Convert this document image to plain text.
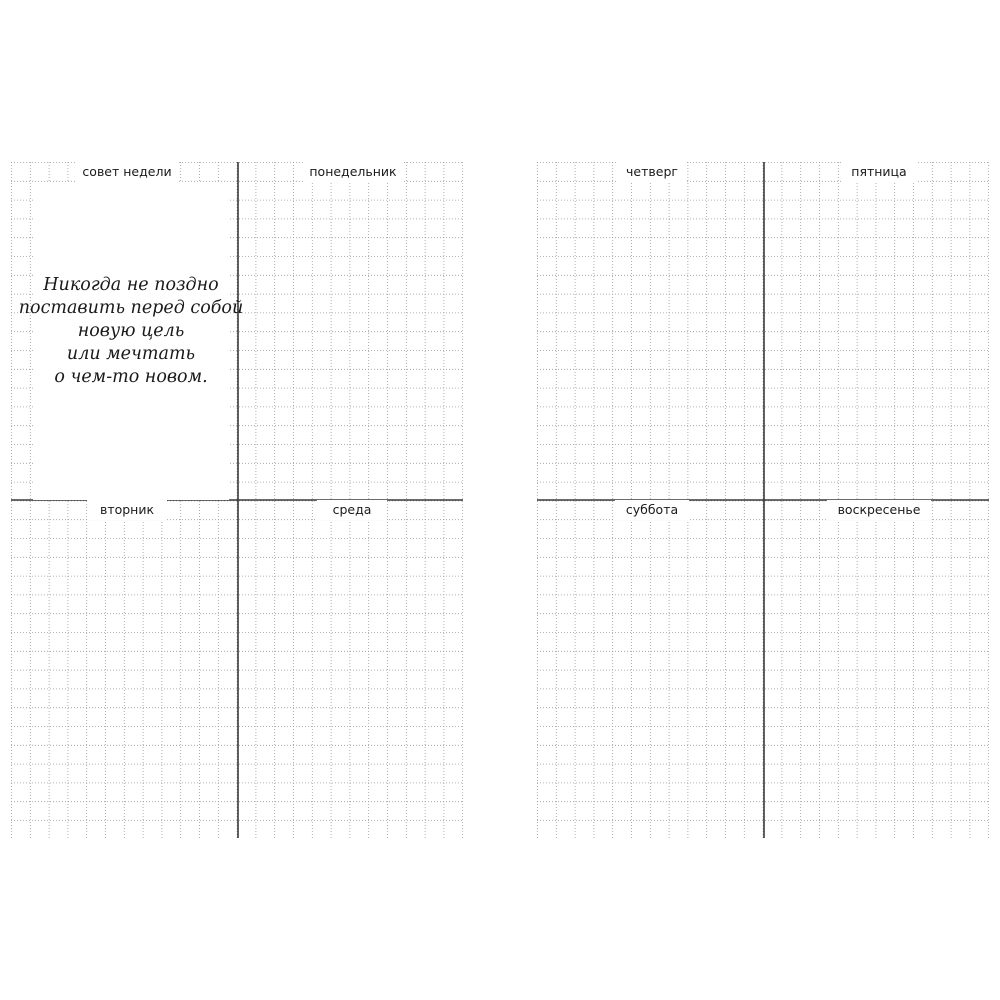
Никогда не поздно
поставить перед собой
новую цель
или мечтать
о чем-то новом.

совет недели	понедельник
вторник	среда
четверг	пятница
суббота	воскресенье
